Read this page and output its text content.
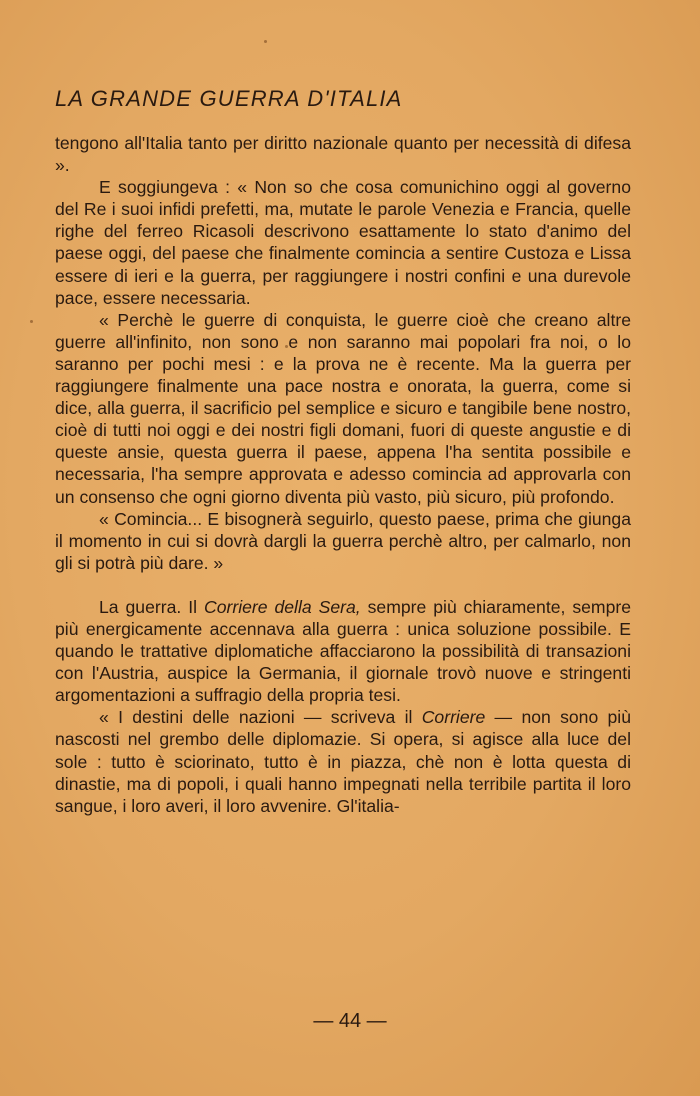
LA GRANDE GUERRA D'ITALIA

tengono all'Italia tanto per diritto nazionale quanto per necessità di difesa ».

E soggiungeva : « Non so che cosa comunichino oggi al governo del Re i suoi infidi prefetti, ma, mutate le parole Venezia e Francia, quelle righe del ferreo Ricasoli descrivono esattamente lo stato d'animo del paese oggi, del paese che finalmente comincia a sentire Custoza e Lissa essere di ieri e la guerra, per raggiungere i nostri confini e una durevole pace, essere necessaria.

« Perchè le guerre di conquista, le guerre cioè che creano altre guerre all'infinito, non sono e non saranno mai popolari fra noi, o lo saranno per pochi mesi : e la prova ne è recente. Ma la guerra per raggiungere finalmente una pace nostra e onorata, la guerra, come si dice, alla guerra, il sacrificio pel semplice e sicuro e tangibile bene nostro, cioè di tutti noi oggi e dei nostri figli domani, fuori di queste angustie e di queste ansie, questa guerra il paese, appena l'ha sentita possibile e necessaria, l'ha sempre approvata e adesso comincia ad approvarla con un consenso che ogni giorno diventa più vasto, più sicuro, più profondo.

« Comincia... E bisognerà seguirlo, questo paese, prima che giunga il momento in cui si dovrà dargli la guerra perchè altro, per calmarlo, non gli si potrà più dare. »

La guerra. Il Corriere della Sera, sempre più chiaramente, sempre più energicamente accennava alla guerra : unica soluzione possibile. E quando le trattative diplomatiche affacciarono la possibilità di transazioni con l'Austria, auspice la Germania, il giornale trovò nuove e stringenti argomentazioni a suffragio della propria tesi.

« I destini delle nazioni — scriveva il Corriere — non sono più nascosti nel grembo delle diplomazie. Si opera, si agisce alla luce del sole : tutto è sciorinato, tutto è in piazza, chè non è lotta questa di dinastie, ma di popoli, i quali hanno impegnati nella terribile partita il loro sangue, i loro averi, il loro avvenire. Gl'italia-

— 44 —
